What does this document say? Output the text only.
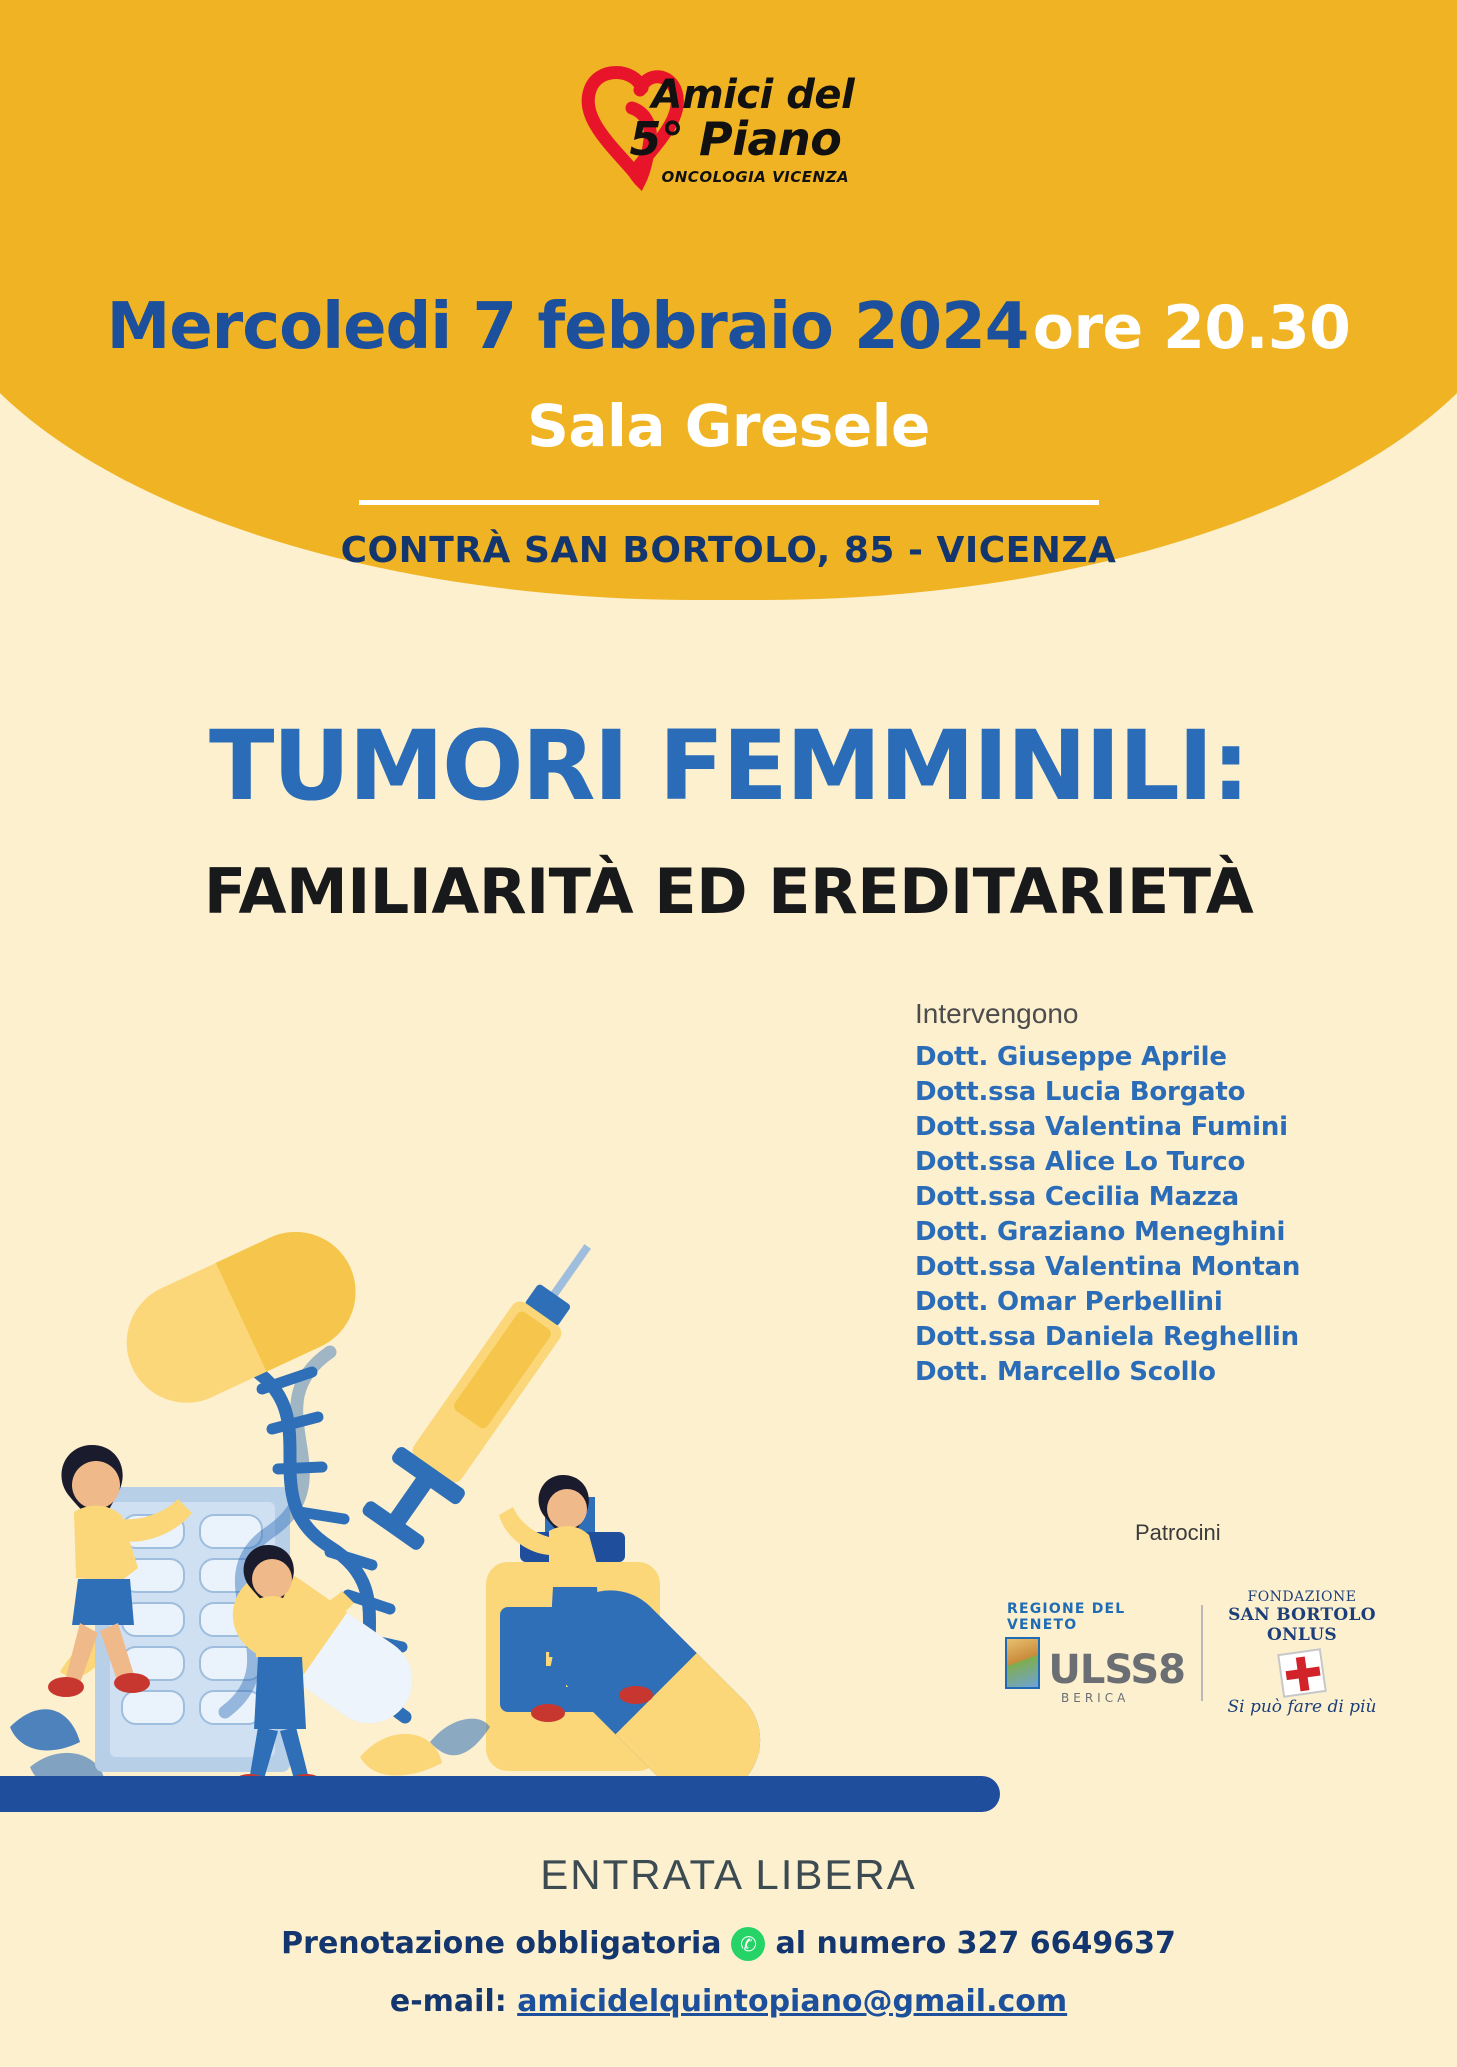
Amici del
5° Piano
ONCOLOGIA VICENZA
Mercoledi 7 febbraio 2024 ore 20.30
Sala Gresele
CONTRÀ SAN BORTOLO, 85 - VICENZA
TUMORI FEMMINILI:
FAMILIARITÀ ED EREDITARIETÀ
Intervengono
Dott. Giuseppe Aprile
Dott.ssa Lucia Borgato
Dott.ssa Valentina Fumini
Dott.ssa Alice Lo Turco
Dott.ssa Cecilia Mazza
Dott. Graziano Meneghini
Dott.ssa Valentina Montan
Dott. Omar Perbellini
Dott.ssa Daniela Reghellin
Dott. Marcello Scollo
Patrocini
REGIONE DEL VENETO
ULSS8
BERICA
FONDAZIONE
SAN BORTOLO ONLUS
Si può fare di più
ENTRATA LIBERA
Prenotazione obbligatoria ✆ al numero 327 6649637
e-mail: amicidelquintopiano@gmail.com
